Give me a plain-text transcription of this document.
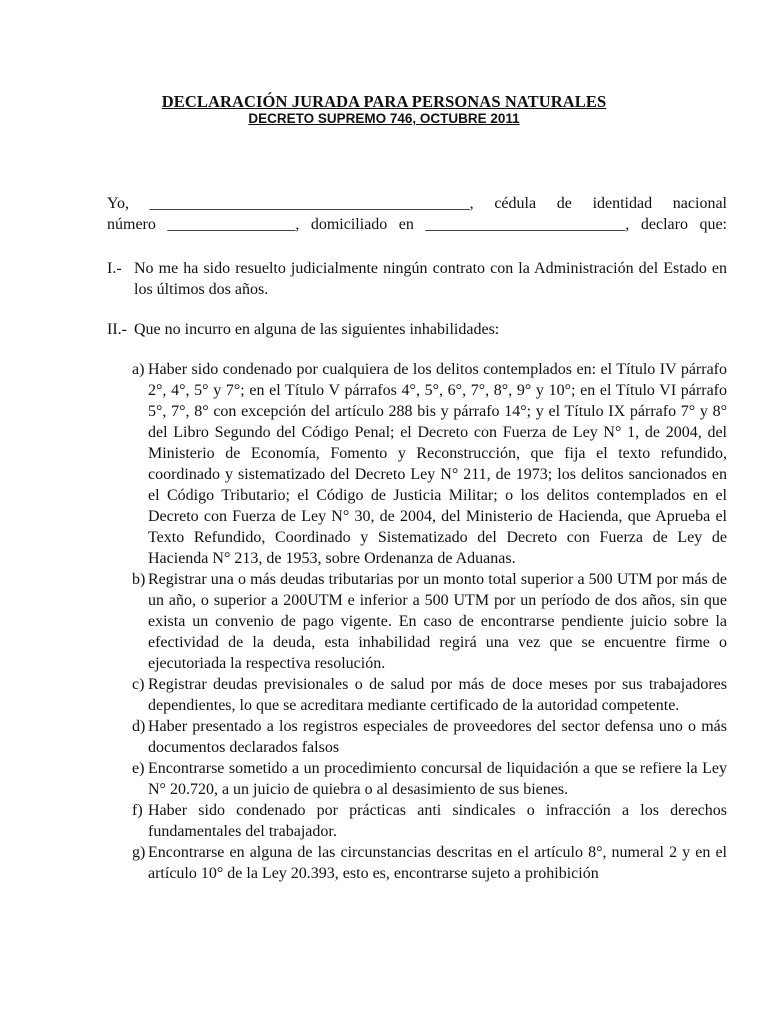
DECLARACIÓN JURADA PARA PERSONAS NATURALES
DECRETO SUPREMO 746, OCTUBRE 2011
Yo, ________________________________________, cédula de identidad nacional
número ________________, domiciliado en _________________________, declaro que:
I.- No me ha sido resuelto judicialmente ningún contrato con la Administración del Estado en los últimos dos años.
II.- Que no incurro en alguna de las siguientes inhabilidades:
a) Haber sido condenado por cualquiera de los delitos contemplados en: el Título IV párrafo 2°, 4°, 5° y 7°; en el Título V párrafos 4°, 5°, 6°, 7°, 8°, 9° y 10°; en el Título VI párrafo 5°, 7°, 8° con excepción del artículo 288 bis y párrafo 14°; y el Título IX párrafo 7° y 8° del Libro Segundo del Código Penal; el Decreto con Fuerza de Ley N° 1, de 2004, del Ministerio de Economía, Fomento y Reconstrucción, que fija el texto refundido, coordinado y sistematizado del Decreto Ley N° 211, de 1973; los delitos sancionados en el Código Tributario; el Código de Justicia Militar; o los delitos contemplados en el Decreto con Fuerza de Ley N° 30, de 2004, del Ministerio de Hacienda, que Aprueba el Texto Refundido, Coordinado y Sistematizado del Decreto con Fuerza de Ley de Hacienda N° 213, de 1953, sobre Ordenanza de Aduanas.
b) Registrar una o más deudas tributarias por un monto total superior a 500 UTM por más de un año, o superior a 200UTM e inferior a 500 UTM por un período de dos años, sin que exista un convenio de pago vigente. En caso de encontrarse pendiente juicio sobre la efectividad de la deuda, esta inhabilidad regirá una vez que se encuentre firme o ejecutoriada la respectiva resolución.
c) Registrar deudas previsionales o de salud por más de doce meses por sus trabajadores dependientes, lo que se acreditara mediante certificado de la autoridad competente.
d) Haber presentado a los registros especiales de proveedores del sector defensa uno o más documentos declarados falsos
e) Encontrarse sometido a un procedimiento concursal de liquidación a que se refiere la Ley N° 20.720, a un juicio de quiebra o al desasimiento de sus bienes.
f) Haber sido condenado por prácticas anti sindicales o infracción a los derechos fundamentales del trabajador.
g) Encontrarse en alguna de las circunstancias descritas en el artículo 8°, numeral 2 y en el artículo 10° de la Ley 20.393, esto es, encontrarse sujeto a prohibición
